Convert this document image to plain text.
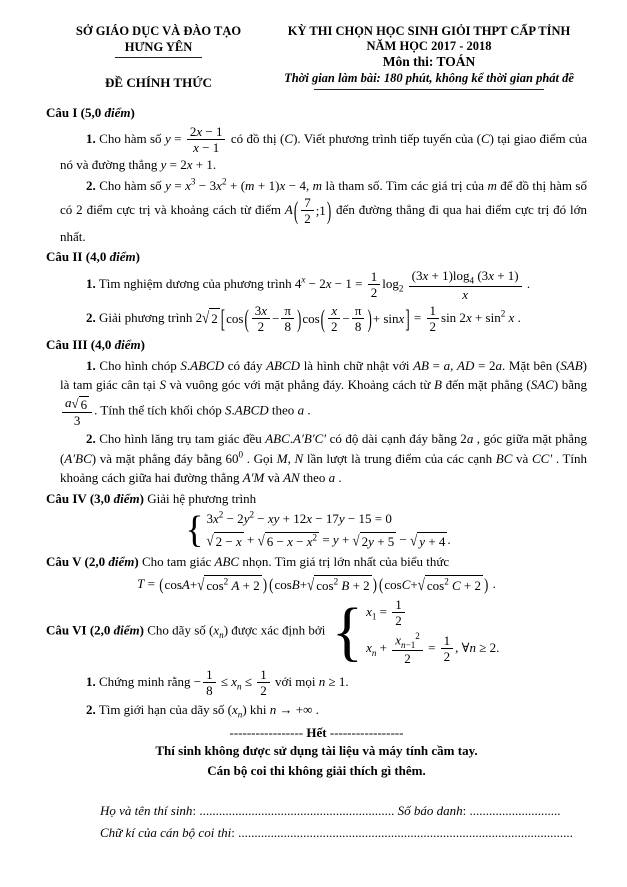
SỞ GIÁO DỤC VÀ ĐÀO TẠO
HƯNG YÊN
ĐỀ CHÍNH THỨC
KỲ THI CHỌN HỌC SINH GIỎI THPT CẤP TỈNH
NĂM HỌC 2017 - 2018
Môn thi: TOÁN
Thời gian làm bài: 180 phút, không kể thời gian phát đề
Câu I (5,0 điểm)
1. Cho hàm số $y = \frac{2x - 1}{x - 1}$ có đồ thị (C). Viết phương trình tiếp tuyến của (C) tại giao điểm của nó và đường thẳng y = 2x + 1.
2. Cho hàm số $y = x^3 - 3x^2 + (m + 1)x - 4$, m là tham số. Tìm các giá trị của m để đồ thị hàm số có 2 điểm cực trị và khoảng cách từ điểm A ( $\frac{7}{2}$ ;1 ) đến đường thẳng đi qua hai điểm cực trị đó lớn nhất.
Câu II (4,0 điểm)
1. Tìm nghiệm dương của phương trình $4^x - 2x - 1 = \frac{1}{2} \log_2 \frac{(3x + 1)\log_4 (3x + 1)}{x}$ .
2. Giải phương trình 2 √ 2 [ cos ( $\frac{3x}{2} - \frac{\pi}{8}$ ) cos ( $\frac{x}{2} - \frac{\pi}{8}$ ) + sin x ] = $\frac{1}{2}$ $\sin 2x + \sin^2 x$ .
Câu III (4,0 điểm)
1. Cho hình chóp S.ABCD có đáy ABCD là hình chữ nhật với AB = a, AD = 2a. Mặt bên (SAB) là tam giác cân tại S và vuông góc với mặt phẳng đáy. Khoảng cách từ B đến mặt phẳng (SAC) bằng
$\frac{a √ 6}{3}$ . Tính thể tích khối chóp S.ABCD theo a .
2. Cho hình lăng trụ tam giác đều ABC.A′B′C′ có độ dài cạnh đáy bằng 2a , góc giữa mặt phẳng (A′BC) và mặt phẳng đáy bằng $60^0$ . Gọi M, N lần lượt là trung điểm của các cạnh BC và CC′ . Tính khoảng cách giữa hai đường thẳng A′M và AN theo a .
Câu IV (3,0 điểm) Giải hệ phương trình
{ $3x^2 - 2y^2$ − xy + 12x − 17y − 15 = 0
√ 2 − x + √ $6 - x - x^2 = y$ + √ 2y + 5 − √ y + 4 .
Câu V (2,0 điểm) Cho tam giác ABC nhọn. Tìm giá trị lớn nhất của biểu thức
T = ( cos A + √ $\cos^2 A + 2$ ) ( cos B + √ $\cos^2 B + 2$ ) ( cos C + √ $\cos^2 C + 2$ ) .
Câu VI (2,0 điểm) Cho dãy số $(x_n)$ được xác định bởi { $x_1 = \frac{1}{2}$
$x_n + \frac{x_{n-1}^2}{2} = \frac{1}{2}$ , ∀n ≥ 2.
1. Chứng minh rằng − $\frac{1}{8} \le x_n \le \frac{1}{2}$ với mọi n ≥ 1.
2. Tìm giới hạn của dãy số $(x_n)$ khi n → +∞ .
----------------- Hết -----------------
Thí sinh không được sử dụng tài liệu và máy tính cầm tay.
Cán bộ coi thi không giải thích gì thêm.
Họ và tên thí sinh: ............................................................ Số báo danh: ............................
Chữ kí của cán bộ coi thi: .......................................................................................................
